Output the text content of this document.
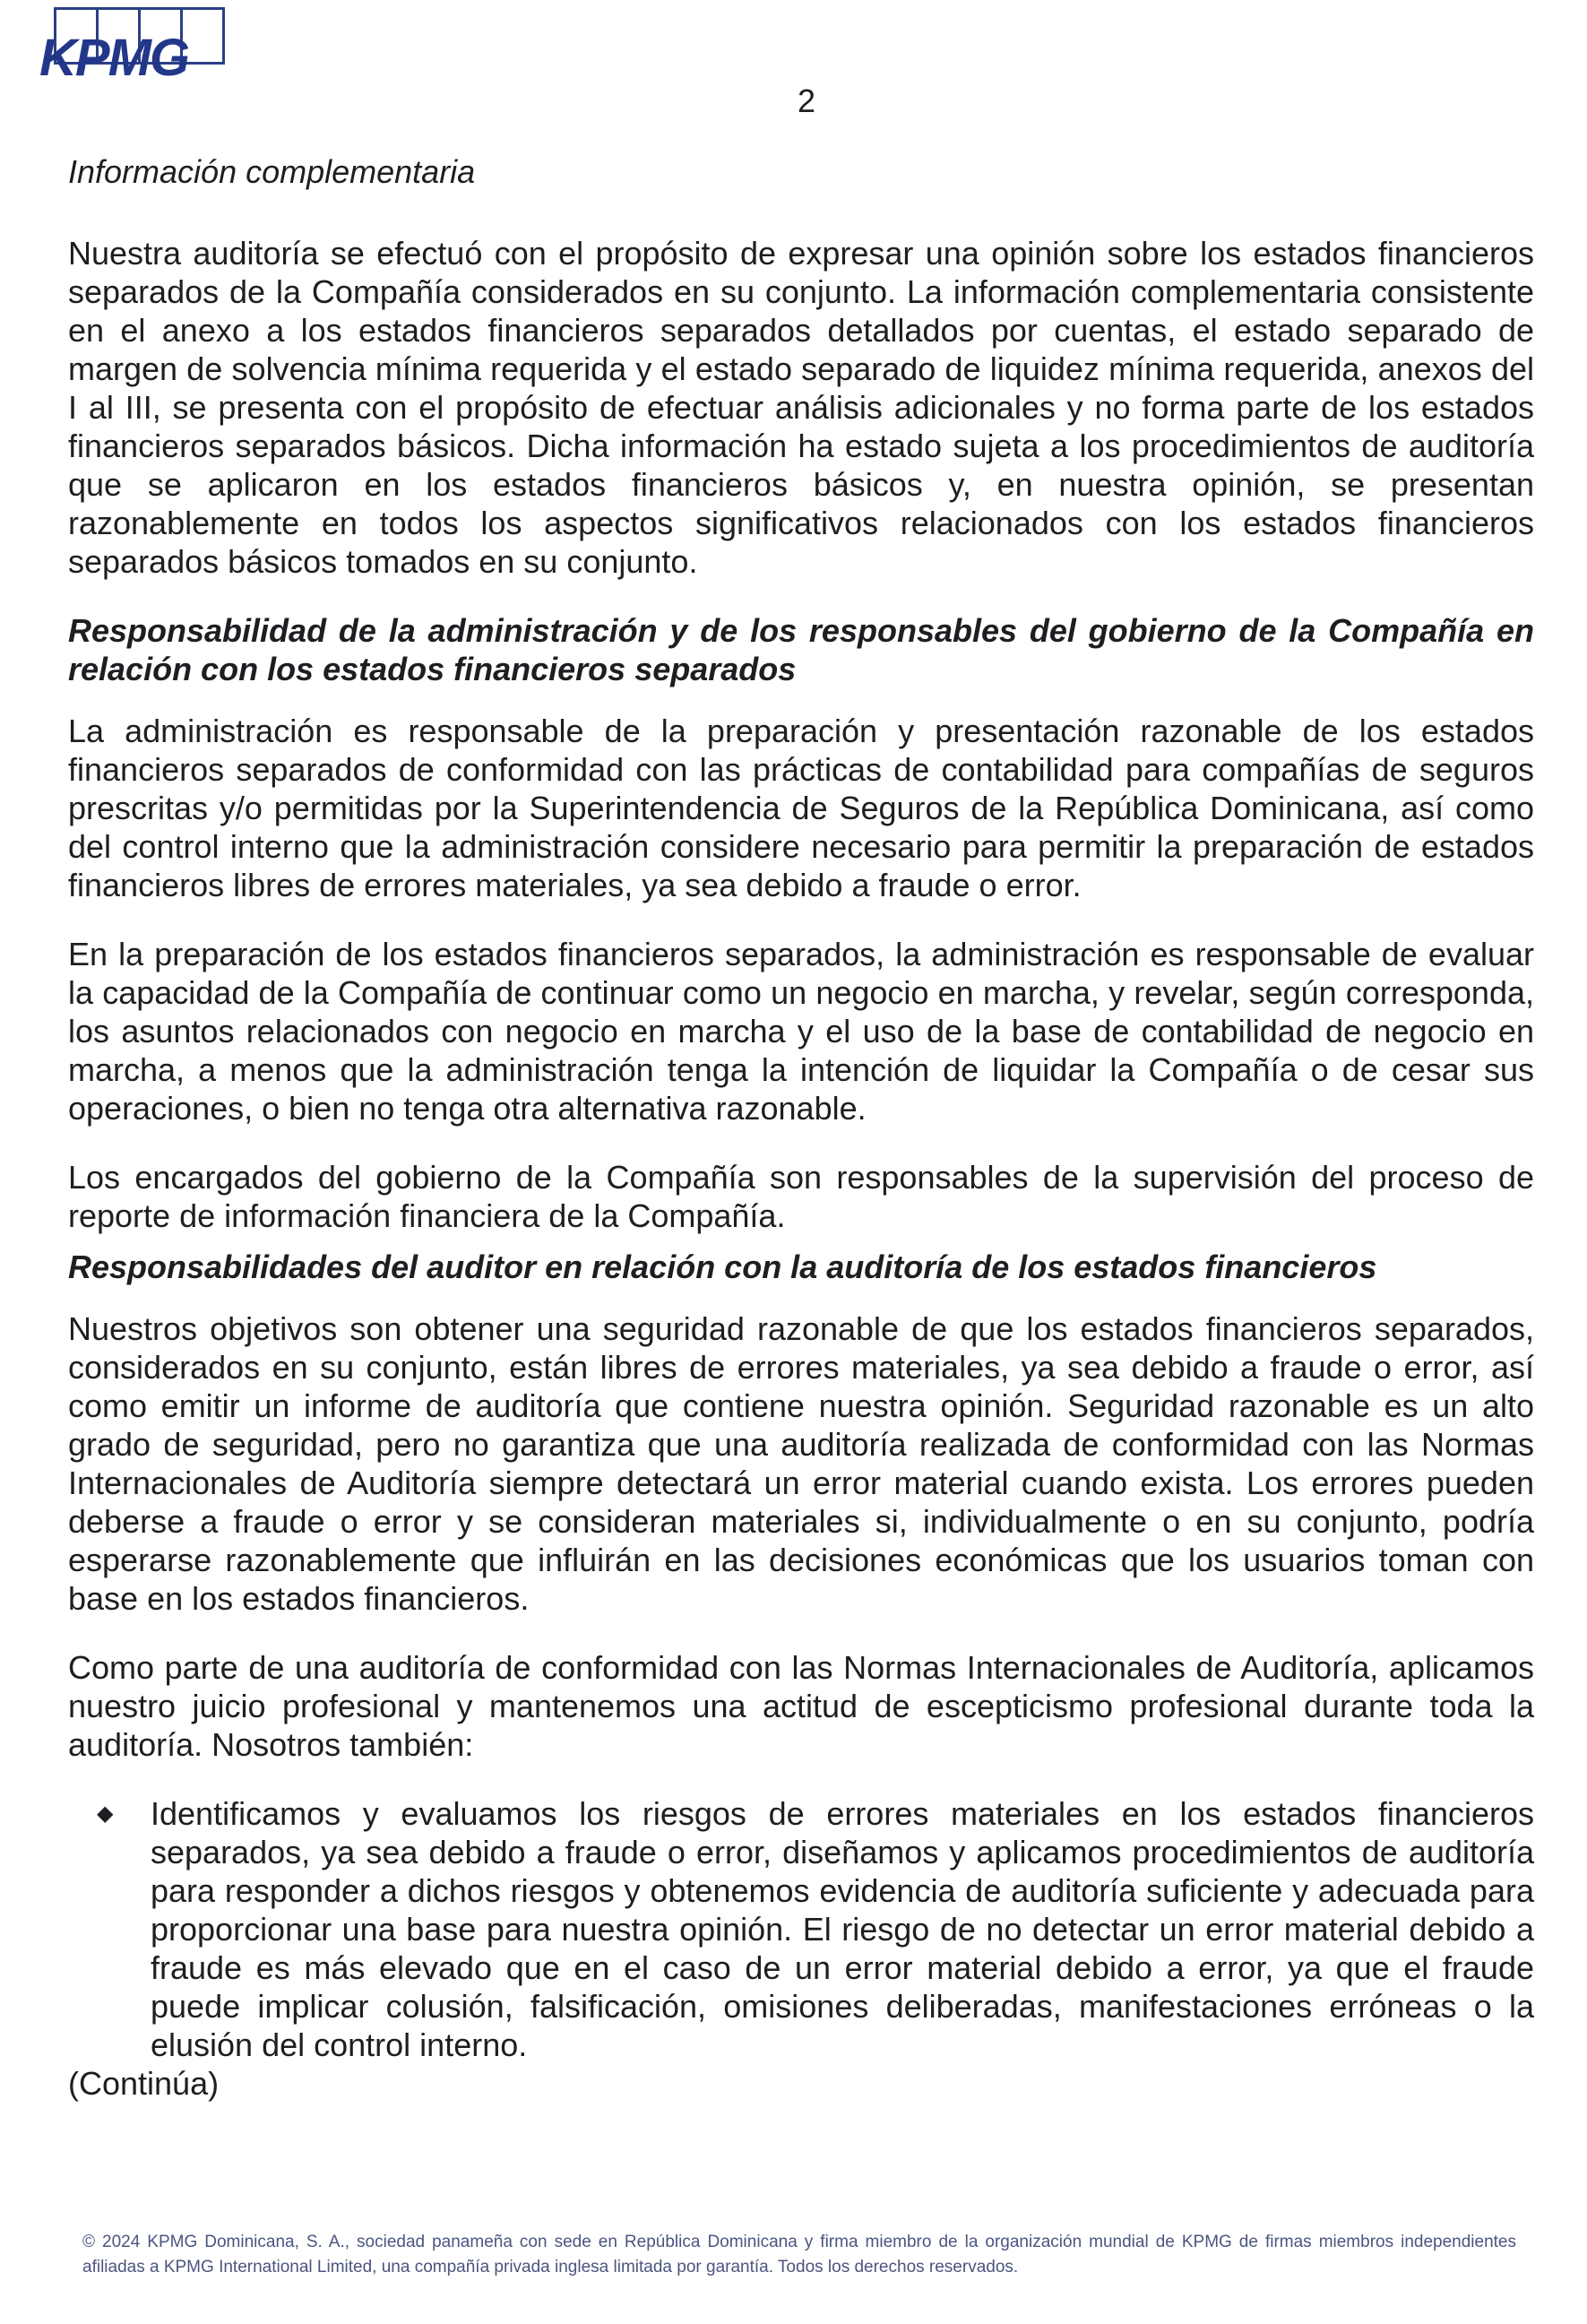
KPMG
2

Información complementaria

Nuestra auditoría se efectuó con el propósito de expresar una opinión sobre los estados financieros separados de la Compañía considerados en su conjunto. La información complementaria consistente en el anexo a los estados financieros separados detallados por cuentas, el estado separado de margen de solvencia mínima requerida y el estado separado de liquidez mínima requerida, anexos del I al III, se presenta con el propósito de efectuar análisis adicionales y no forma parte de los estados financieros separados básicos. Dicha información ha estado sujeta a los procedimientos de auditoría que se aplicaron en los estados financieros básicos y, en nuestra opinión, se presentan razonablemente en todos los aspectos significativos relacionados con los estados financieros separados básicos tomados en su conjunto.

Responsabilidad de la administración y de los responsables del gobierno de la Compañía en relación con los estados financieros separados

La administración es responsable de la preparación y presentación razonable de los estados financieros separados de conformidad con las prácticas de contabilidad para compañías de seguros prescritas y/o permitidas por la Superintendencia de Seguros de la República Dominicana, así como del control interno que la administración considere necesario para permitir la preparación de estados financieros libres de errores materiales, ya sea debido a fraude o error.

En la preparación de los estados financieros separados, la administración es responsable de evaluar la capacidad de la Compañía de continuar como un negocio en marcha, y revelar, según corresponda, los asuntos relacionados con negocio en marcha y el uso de la base de contabilidad de negocio en marcha, a menos que la administración tenga la intención de liquidar la Compañía o de cesar sus operaciones, o bien no tenga otra alternativa razonable.

Los encargados del gobierno de la Compañía son responsables de la supervisión del proceso de reporte de información financiera de la Compañía.

Responsabilidades del auditor en relación con la auditoría de los estados financieros

Nuestros objetivos son obtener una seguridad razonable de que los estados financieros separados, considerados en su conjunto, están libres de errores materiales, ya sea debido a fraude o error, así como emitir un informe de auditoría que contiene nuestra opinión. Seguridad razonable es un alto grado de seguridad, pero no garantiza que una auditoría realizada de conformidad con las Normas Internacionales de Auditoría siempre detectará un error material cuando exista. Los errores pueden deberse a fraude o error y se consideran materiales si, individualmente o en su conjunto, podría esperarse razonablemente que influirán en las decisiones económicas que los usuarios toman con base en los estados financieros.

Como parte de una auditoría de conformidad con las Normas Internacionales de Auditoría, aplicamos nuestro juicio profesional y mantenemos una actitud de escepticismo profesional durante toda la auditoría. Nosotros también:

◆	Identificamos y evaluamos los riesgos de errores materiales en los estados financieros separados, ya sea debido a fraude o error, diseñamos y aplicamos procedimientos de auditoría para responder a dichos riesgos y obtenemos evidencia de auditoría suficiente y adecuada para proporcionar una base para nuestra opinión. El riesgo de no detectar un error material debido a fraude es más elevado que en el caso de un error material debido a error, ya que el fraude puede implicar colusión, falsificación, omisiones deliberadas, manifestaciones erróneas o la elusión del control interno.

(Continúa)

© 2024 KPMG Dominicana, S. A., sociedad panameña con sede en República Dominicana y firma miembro de la organización mundial de KPMG de firmas miembros independientes afiliadas a KPMG International Limited, una compañía privada inglesa limitada por garantía. Todos los derechos reservados.
